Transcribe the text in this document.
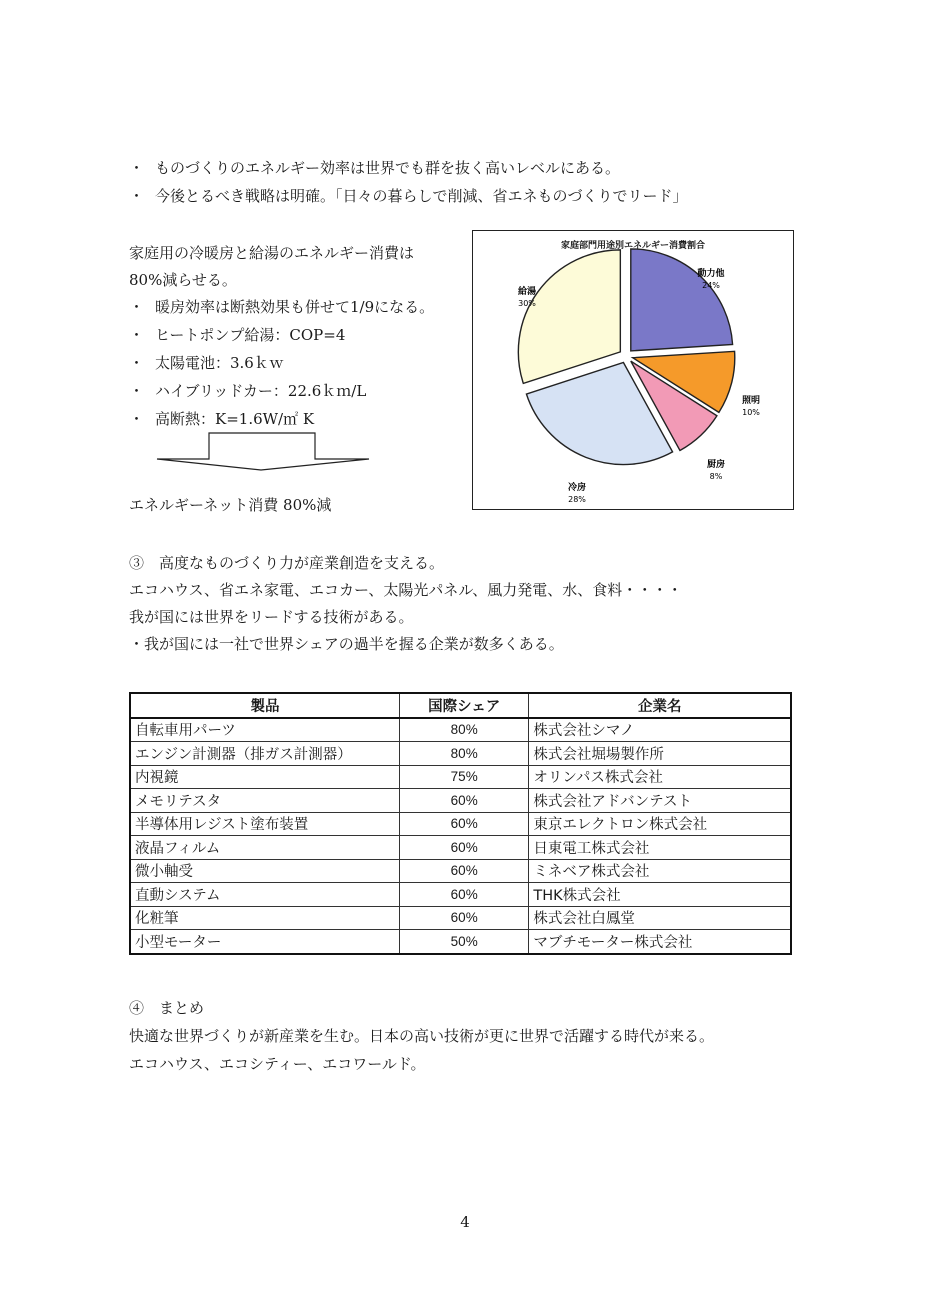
・ ものづくりのエネルギー効率は世界でも群を抜く高いレベルにある。
・ 今後とるべき戦略は明確。「日々の暮らしで削減、省エネものづくりでリード」
家庭用の冷暖房と給湯のエネルギー消費は
80%減らせる。
・ 暖房効率は断熱効果も併せて1/9になる。
・ ヒートポンプ給湯：COP=4
・ 太陽電池：3.6ｋｗ
・ ハイブリッドカー：22.6ｋｍ/L
・ 高断熱：K=1.6W/㎡ K
エネルギーネット消費 80%減
家庭部門用途別エネルギー消費割合
動力他
24%
照明
10%
厨房
8%
冷房
28%
給湯
30%
③　高度なものづくり力が産業創造を支える。
エコハウス、省エネ家電、エコカー、太陽光パネル、風力発電、水、食料・・・・
我が国には世界をリードする技術がある。
・我が国には一社で世界シェアの過半を握る企業が数多くある。
製品	国際シェア	企業名
自転車用パーツ	80%	株式会社シマノ
エンジン計測器（排ガス計測器）	80%	株式会社堀場製作所
内視鏡	75%	オリンパス株式会社
メモリテスタ	60%	株式会社アドバンテスト
半導体用レジスト塗布装置	60%	東京エレクトロン株式会社
液晶フィルム	60%	日東電工株式会社
微小軸受	60%	ミネベア株式会社
直動システム	60%	THK株式会社
化粧筆	60%	株式会社白鳳堂
小型モーター	50%	マブチモーター株式会社
④　まとめ
快適な世界づくりが新産業を生む。日本の高い技術が更に世界で活躍する時代が来る。
エコハウス、エコシティー、エコワールド。
4
